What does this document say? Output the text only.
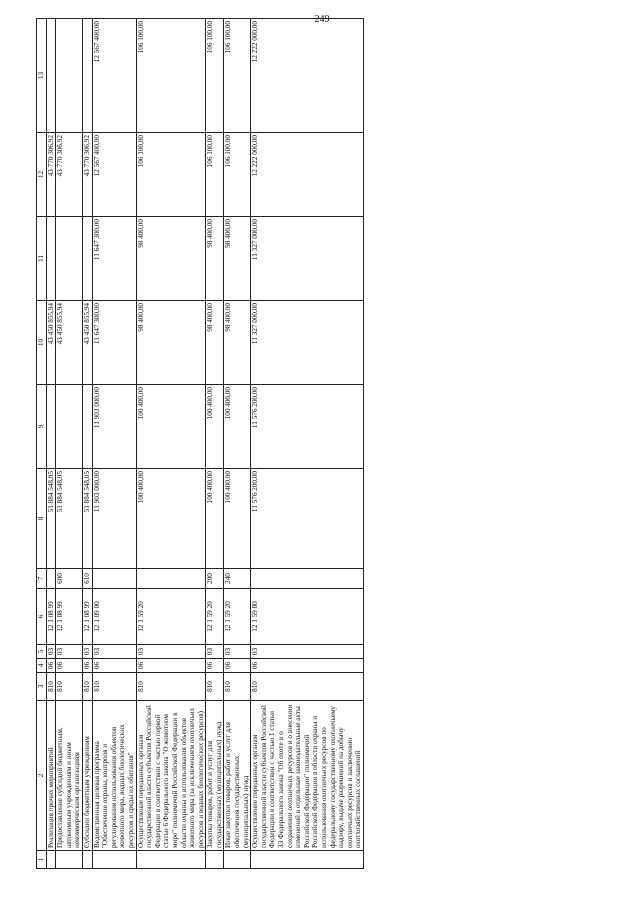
249
1	2	3	4	5	6	7	8	9	10	11	12	13
	Реализация прочих мероприятий	810	06	03	12 1 08 99		51 884 548,05		43 450 855,94		43 770 306,92	
	Предоставление субсидий бюджетным, автономным учреждениям и иным некоммерческим организациям	810	06	03	12 1 08 99	600	51 884 548,05		43 450 855,94		43 770 306,92	
	Субсидии бюджетным учреждениям	810	06	03	12 1 08 99	610	51 884 548,05		43 450 855,94		43 770 306,92	
	Ведомственная целевая программа "Обеспечение охраны, контроля и регулирования использования объектов животного мира, водных биологических ресурсов и среды их обитания"	810	06	03	12 1 09 00		11 903 000,00	11 903 000,00	11 647 300,00	11 647 300,00	12 567 400,00	12 567 400,00
	Осуществление переданных органам государственной власти субъектов Российской Федерации в соответствии с частью первой статьи 6 Федерального закона "О животном мире" полномочий Российской Федерации в области охраны и использования объектов животного мира (за исключением охотничьих ресурсов и водных биологических ресурсов)	810	06	03	12 1 59 20		100 400,00	100 400,00	98 400,00	98 400,00	106 100,00	106 100,00
	Закупка товаров, работ и услуг для государственных (муниципальных) нужд	810	06	03	12 1 59 20	200	100 400,00	100 400,00	98 400,00	98 400,00	106 100,00	106 100,00
	Иные закупки товаров, работ и услуг для обеспечения государственных (муниципальных) нужд	810	06	03	12 1 59 20	240	100 400,00	100 400,00	98 400,00	98 400,00	106 100,00	106 100,00
	Осуществление переданных органам государственной власти субъектов Российской Федерации в соответствии с частью 1 статьи 33 Федерального закона "Об охоте и о сохранении охотничьих ресурсов и о внесении изменений в отдельные законодательные акты Российской Федерации" полномочий Российской Федерации в области охраны и использования охотничьих ресурсов по федеральному государственному охотничьему надзору, выдаче разрешений на добычу охотничьих ресурсов и заключению охотхозяйственных соглашений	810	06	03	12 1 59 80		11 576 200,00	11 576 200,00	11 327 000,00	11 327 000,00	12 222 000,00	12 222 000,00
